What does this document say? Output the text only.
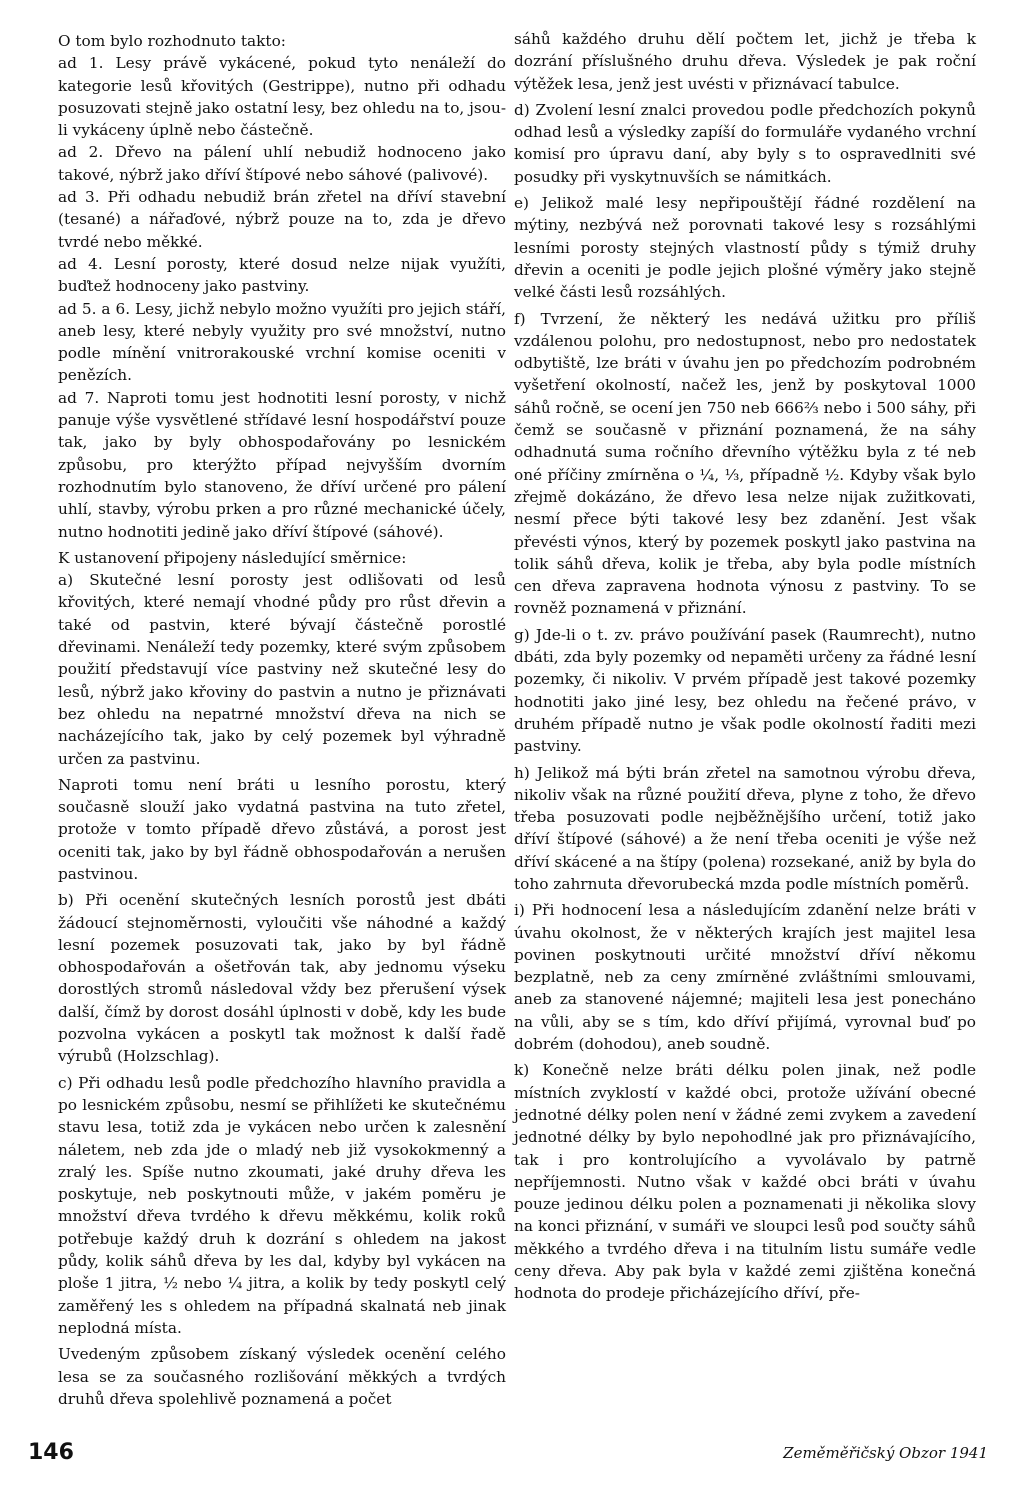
O tom bylo rozhodnuto takto:

ad 1. Lesy právě vykácené, pokud tyto nenáleží do kategorie lesů křovitých (Gestrippe), nutno při odhadu posuzovati stejně jako ostatní lesy, bez ohledu na to, jsou-li vykáceny úplně nebo částečně.

ad 2. Dřevo na pálení uhlí nebudiž hodnoceno jako takové, nýbrž jako dříví štípové nebo sáhové (palivové).

ad 3. Při odhadu nebudiž brán zřetel na dříví stavební (tesané) a nářaďové, nýbrž pouze na to, zda je dřevo tvrdé nebo měkké.

ad 4. Lesní porosty, které dosud nelze nijak využíti, buďtež hodnoceny jako pastviny.

ad 5. a 6. Lesy, jichž nebylo možno využíti pro jejich stáří, aneb lesy, které nebyly využity pro své množství, nutno podle mínění vnitrorakouské vrchní komise oceniti v penězích.

ad 7. Naproti tomu jest hodnotiti lesní porosty, v nichž panuje výše vysvětlené střídavé lesní hospodářství pouze tak, jako by byly obhospodařovány po lesnickém způsobu, pro kterýžto případ nejvyšším dvorním rozhodnutím bylo stanoveno, že dříví určené pro pálení uhlí, stavby, výrobu prken a pro různé mechanické účely, nutno hodnotiti jedině jako dříví štípové (sáhové).

K ustanovení připojeny následující směrnice:

a) Skutečné lesní porosty jest odlišovati od lesů křovitých, které nemají vhodné půdy pro růst dřevin a také od pastvin, které bývají částečně porostlé dřevinami. Nenáleží tedy pozemky, které svým způsobem použití představují více pastviny než skutečné lesy do lesů, nýbrž jako křoviny do pastvin a nutno je přiznávati bez ohledu na nepatrné množství dřeva na nich se nacházejícího tak, jako by celý pozemek byl výhradně určen za pastvinu.

Naproti tomu není bráti u lesního porostu, který současně slouží jako vydatná pastvina na tuto zřetel, protože v tomto případě dřevo zůstává, a porost jest oceniti tak, jako by byl řádně obhospodařován a nerušen pastvinou.

b) Při ocenění skutečných lesních porostů jest dbáti žádoucí stejnoměrnosti, vyloučiti vše náhodné a každý lesní pozemek posuzovati tak, jako by byl řádně obhospodařován a ošetřován tak, aby jednomu výseku dorostlých stromů následoval vždy bez přerušení výsek další, čímž by dorost dosáhl úplnosti v době, kdy les bude pozvolna vykácen a poskytl tak možnost k další řadě výrubů (Holzschlag).

c) Při odhadu lesů podle předchozího hlavního pravidla a po lesnickém způsobu, nesmí se přihlížeti ke skutečnému stavu lesa, totiž zda je vykácen nebo určen k zalesnění náletem, neb zda jde o mladý neb již vysokokmenný a zralý les. Spíše nutno zkoumati, jaké druhy dřeva les poskytuje, neb poskytnouti může, v jakém poměru je množství dřeva tvrdého k dřevu měkkému, kolik roků potřebuje každý druh k dozrání s ohledem na jakost půdy, kolik sáhů dřeva by les dal, kdyby byl vykácen na ploše 1 jitra, ½ nebo ¼ jitra, a kolik by tedy poskytl celý zaměřený les s ohledem na případná skalnatá neb jinak neplodná místa.

Uvedeným způsobem získaný výsledek ocenění celého lesa se za současného rozlišování měkkých a tvrdých druhů dřeva spolehlivě poznamená a počet

sáhů každého druhu dělí počtem let, jichž je třeba k dozrání příslušného druhu dřeva. Výsledek je pak roční výtěžek lesa, jenž jest uvésti v přiznávací tabulce.

d) Zvolení lesní znalci provedou podle předchozích pokynů odhad lesů a výsledky zapíší do formuláře vydaného vrchní komisí pro úpravu daní, aby byly s to ospravedlniti své posudky při vyskytnuvších se námitkách.

e) Jelikož malé lesy nepřipouštějí řádné rozdělení na mýtiny, nezbývá než porovnati takové lesy s rozsáhlými lesními porosty stejných vlastností půdy s týmiž druhy dřevin a oceniti je podle jejich plošné výměry jako stejně velké části lesů rozsáhlých.

f) Tvrzení, že některý les nedává užitku pro příliš vzdálenou polohu, pro nedostupnost, nebo pro nedostatek odbytiště, lze bráti v úvahu jen po předchozím podrobném vyšetření okolností, načež les, jenž by poskytoval 1000 sáhů ročně, se ocení jen 750 neb 666⅔ nebo i 500 sáhy, při čemž se současně v přiznání poznamená, že na sáhy odhadnutá suma ročního dřevního výtěžku byla z té neb oné příčiny zmírněna o ¼, ⅓, případně ½. Kdyby však bylo zřejmě dokázáno, že dřevo lesa nelze nijak zužitkovati, nesmí přece býti takové lesy bez zdanění. Jest však převésti výnos, který by pozemek poskytl jako pastvina na tolik sáhů dřeva, kolik je třeba, aby byla podle místních cen dřeva zapravena hodnota výnosu z pastviny. To se rovněž poznamená v přiznání.

g) Jde-li o t. zv. právo používání pasek (Raumrecht), nutno dbáti, zda byly pozemky od nepaměti určeny za řádné lesní pozemky, či nikoliv. V prvém případě jest takové pozemky hodnotiti jako jiné lesy, bez ohledu na řečené právo, v druhém případě nutno je však podle okolností řaditi mezi pastviny.

h) Jelikož má býti brán zřetel na samotnou výrobu dřeva, nikoliv však na různé použití dřeva, plyne z toho, že dřevo třeba posuzovati podle nejběžnějšího určení, totiž jako dříví štípové (sáhové) a že není třeba oceniti je výše než dříví skácené a na štípy (polena) rozsekané, aniž by byla do toho zahrnuta dřevorubecká mzda podle místních poměrů.

i) Při hodnocení lesa a následujícím zdanění nelze bráti v úvahu okolnost, že v některých krajích jest majitel lesa povinen poskytnouti určité množství dříví někomu bezplatně, neb za ceny zmírněné zvláštními smlouvami, aneb za stanovené nájemné; majiteli lesa jest ponecháno na vůli, aby se s tím, kdo dříví přijímá, vyrovnal buď po dobrém (dohodou), aneb soudně.

k) Konečně nelze bráti délku polen jinak, než podle místních zvyklostí v každé obci, protože užívání obecné jednotné délky polen není v žádné zemi zvykem a zavedení jednotné délky by bylo nepohodlné jak pro přiznávajícího, tak i pro kontrolujícího a vyvolávalo by patrně nepříjemnosti. Nutno však v každé obci bráti v úvahu pouze jedinou délku polen a poznamenati ji několika slovy na konci přiznání, v sumáři ve sloupci lesů pod součty sáhů měkkého a tvrdého dřeva i na titulním listu sumáře vedle ceny dřeva. Aby pak byla v každé zemi zjištěna konečná hodnota do prodeje přicházejícího dříví, pře-

146	Zeměměřičský Obzor 1941
